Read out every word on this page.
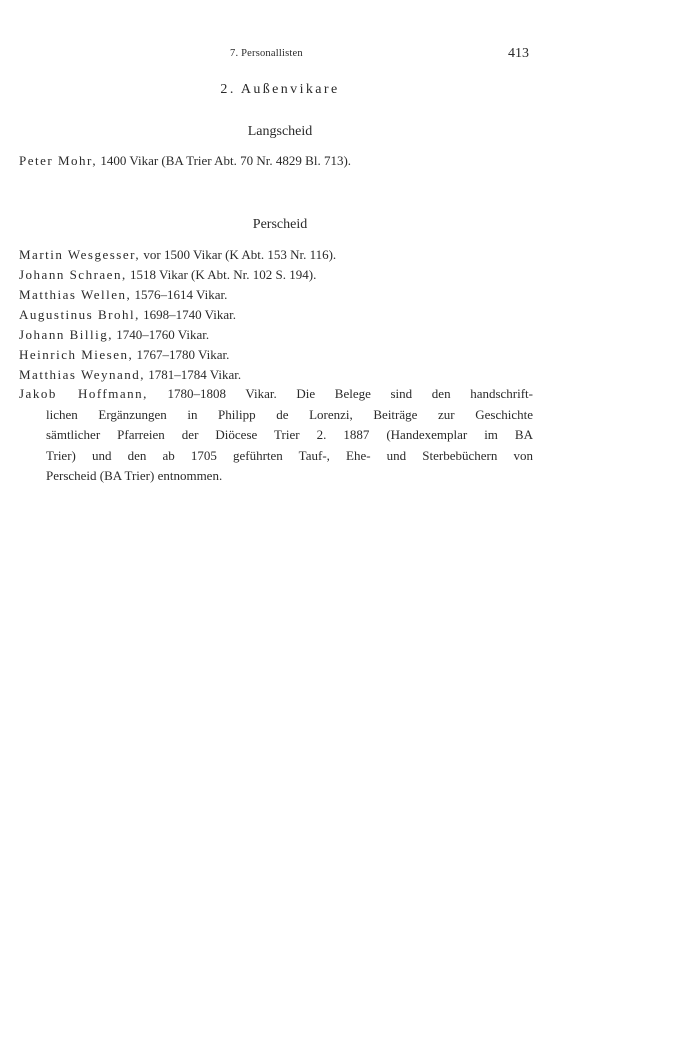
7. Personallisten	413
2. Außenvikare
Langscheid
Peter Mohr, 1400 Vikar (BA Trier Abt. 70 Nr. 4829 Bl. 713).
Perscheid
Martin Wesgesser, vor 1500 Vikar (K Abt. 153 Nr. 116).
Johann Schraen, 1518 Vikar (K Abt. Nr. 102 S. 194).
Matthias Wellen, 1576–1614 Vikar.
Augustinus Brohl, 1698–1740 Vikar.
Johann Billig, 1740–1760 Vikar.
Heinrich Miesen, 1767–1780 Vikar.
Matthias Weynand, 1781–1784 Vikar.
Jakob Hoffmann, 1780–1808 Vikar. Die Belege sind den handschrift-
lichen Ergänzungen in Philipp de Lorenzi, Beiträge zur Geschichte
sämtlicher Pfarreien der Diöcese Trier 2. 1887 (Handexemplar im BA
Trier) und den ab 1705 geführten Tauf-, Ehe- und Sterbebüchern von
Perscheid (BA Trier) entnommen.
